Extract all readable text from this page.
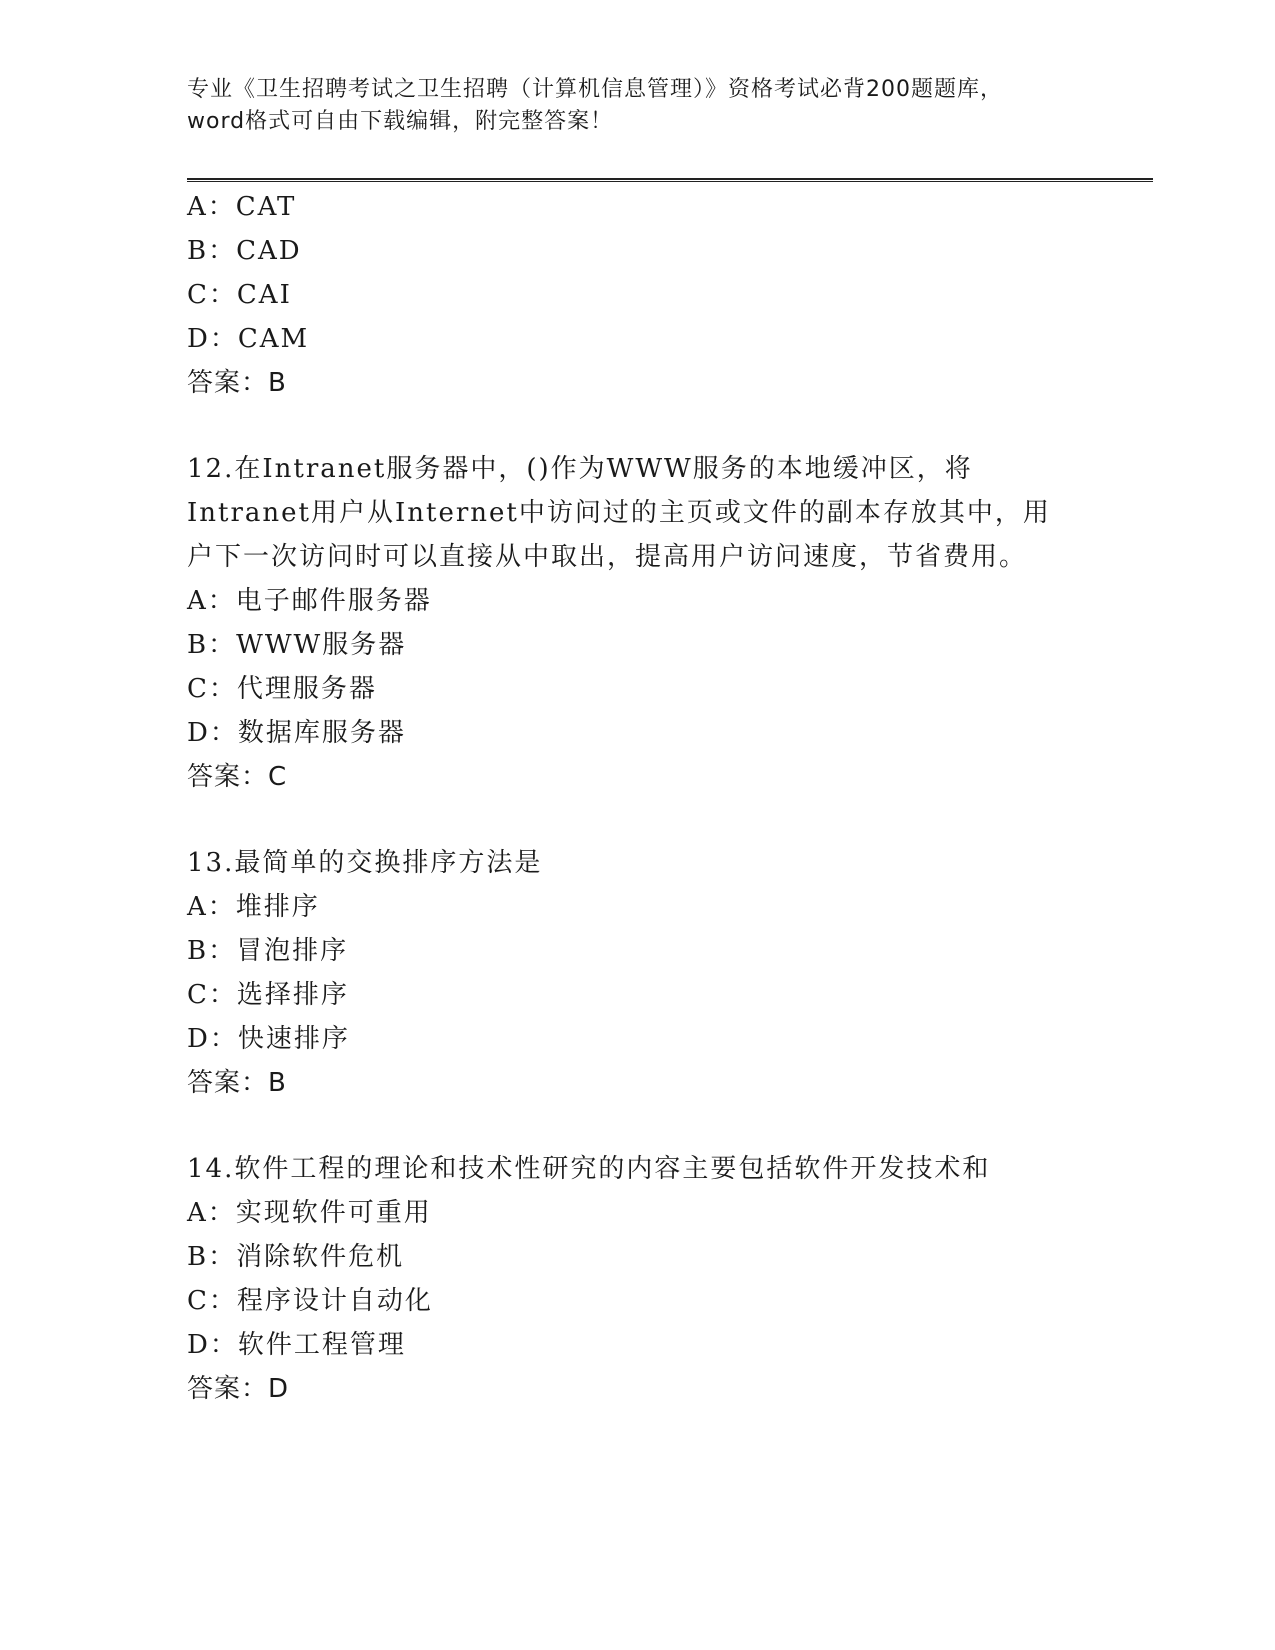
专业《卫生招聘考试之卫生招聘（计算机信息管理）》资格考试必背200题题库，
word格式可自由下载编辑，附完整答案！
A：CAT
B：CAD
C：CAI
D：CAM
答案：B
12.在Intranet服务器中，()作为WWW服务的本地缓冲区，将
Intranet用户从Internet中访问过的主页或文件的副本存放其中，用
户下一次访问时可以直接从中取出，提高用户访问速度，节省费用。
A：电子邮件服务器
B：WWW服务器
C：代理服务器
D：数据库服务器
答案：C
13.最简单的交换排序方法是
A：堆排序
B：冒泡排序
C：选择排序
D：快速排序
答案：B
14.软件工程的理论和技术性研究的内容主要包括软件开发技术和
A：实现软件可重用
B：消除软件危机
C：程序设计自动化
D：软件工程管理
答案：D
